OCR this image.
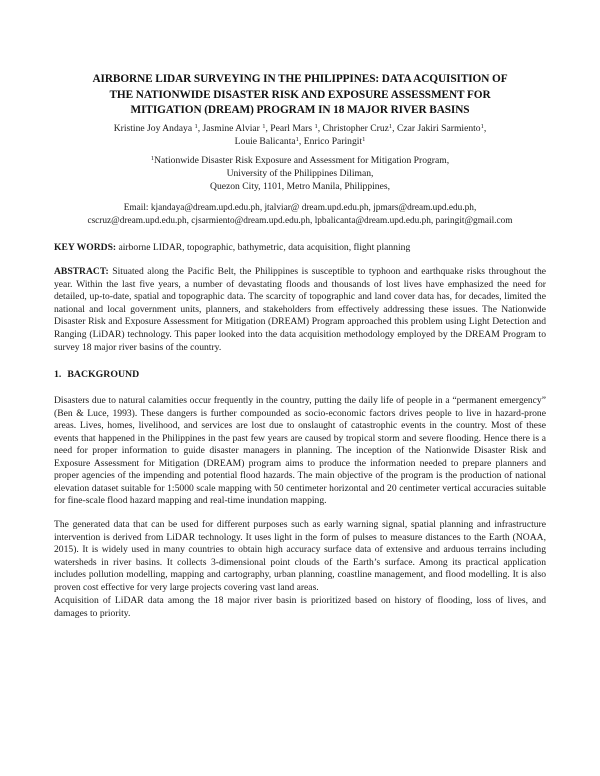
AIRBORNE LIDAR SURVEYING IN THE PHILIPPINES: DATA ACQUISITION OF
THE NATIONWIDE DISASTER RISK AND EXPOSURE ASSESSMENT FOR
MITIGATION (DREAM) PROGRAM IN 18 MAJOR RIVER BASINS
Kristine Joy Andaya $^1$, Jasmine Alviar $^1$, Pearl Mars $^1$, Christopher Cruz$^1$, Czar Jakiri Sarmiento$^1$,
Louie Balicanta$^1$, Enrico Paringit$^1$
$^1$Nationwide Disaster Risk Exposure and Assessment for Mitigation Program,
University of the Philippines Diliman,
Quezon City, 1101, Metro Manila, Philippines,
Email: kjandaya@dream.upd.edu.ph, jtalviar@ dream.upd.edu.ph, jpmars@dream.upd.edu.ph,
cscruz@dream.upd.edu.ph, cjsarmiento@dream.upd.edu.ph, lpbalicanta@dream.upd.edu.ph, paringit@gmail.com
KEY WORDS: airborne LIDAR, topographic, bathymetric, data acquisition, flight planning
ABSTRACT: Situated along the Pacific Belt, the Philippines is susceptible to typhoon and earthquake risks throughout the year. Within the last five years, a number of devastating floods and thousands of lost lives have emphasized the need for detailed, up-to-date, spatial and topographic data. The scarcity of topographic and land cover data has, for decades, limited the national and local government units, planners, and stakeholders from effectively addressing these issues. The Nationwide Disaster Risk and Exposure Assessment for Mitigation (DREAM) Program approached this problem using Light Detection and Ranging (LiDAR) technology. This paper looked into the data acquisition methodology employed by the DREAM Program to survey 18 major river basins of the country.
1. BACKGROUND
Disasters due to natural calamities occur frequently in the country, putting the daily life of people in a “permanent emergency” (Ben & Luce, 1993). These dangers is further compounded as socio-economic factors drives people to live in hazard-prone areas. Lives, homes, livelihood, and services are lost due to onslaught of catastrophic events in the country. Most of these events that happened in the Philippines in the past few years are caused by tropical storm and severe flooding. Hence there is a need for proper information to guide disaster managers in planning. The inception of the Nationwide Disaster Risk and Exposure Assessment for Mitigation (DREAM) program aims to produce the information needed to prepare planners and proper agencies of the impending and potential flood hazards. The main objective of the program is the production of national elevation dataset suitable for 1:5000 scale mapping with 50 centimeter horizontal and 20 centimeter vertical accuracies suitable for fine-scale flood hazard mapping and real-time inundation mapping.
The generated data that can be used for different purposes such as early warning signal, spatial planning and infrastructure intervention is derived from LiDAR technology. It uses light in the form of pulses to measure distances to the Earth (NOAA, 2015). It is widely used in many countries to obtain high accuracy surface data of extensive and arduous terrains including watersheds in river basins. It collects 3-dimensional point clouds of the Earth’s surface. Among its practical application includes pollution modelling, mapping and cartography, urban planning, coastline management, and flood modelling. It is also proven cost effective for very large projects covering vast land areas.
Acquisition of LiDAR data among the 18 major river basin is prioritized based on history of flooding, loss of lives, and damages to priority.
